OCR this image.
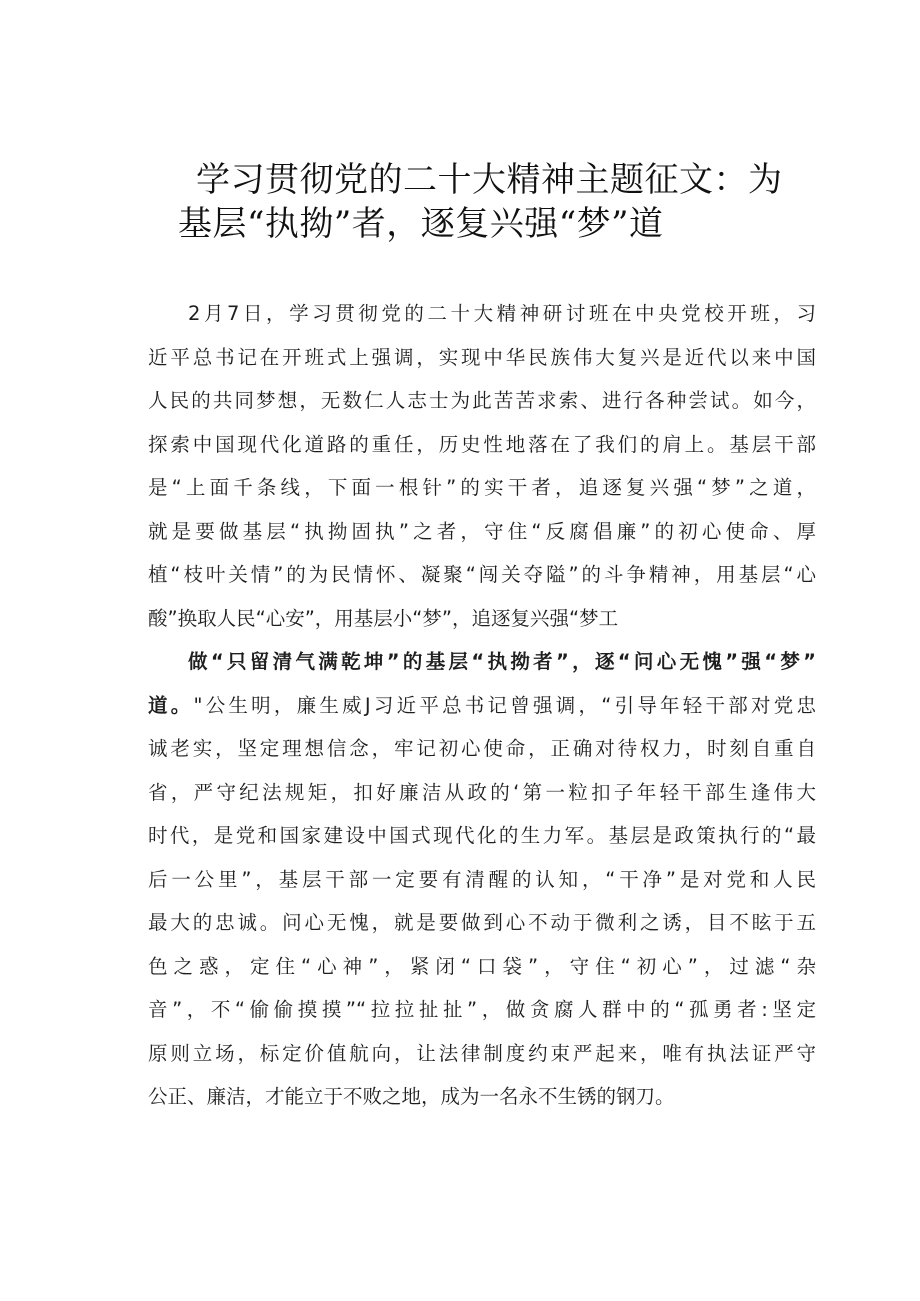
学习贯彻党的二十大精神主题征文：为
基层“执拗”者，逐复兴强“梦”道
2月7日，学习贯彻党的二十大精神研讨班在中央党校开班，习
近平总书记在开班式上强调，实现中华民族伟大复兴是近代以来中国
人民的共同梦想，无数仁人志士为此苦苦求索、进行各种尝试。如今，
探索中国现代化道路的重任，历史性地落在了我们的肩上。基层干部
是“上面千条线，下面一根针”的实干者，追逐复兴强“梦”之道，
就是要做基层“执拗固执”之者，守住“反腐倡廉”的初心使命、厚
植“枝叶关情”的为民情怀、凝聚“闯关夺隘”的斗争精神，用基层“心
酸”换取人民“心安”，用基层小“梦”，追逐复兴强“梦工
做“只留清气满乾坤”的基层“执拗者”，逐“问心无愧”强“梦”
道。"公生明，廉生威J习近平总书记曾强调，“引导年轻干部对党忠
诚老实，坚定理想信念，牢记初心使命，正确对待权力，时刻自重自
省，严守纪法规矩，扣好廉洁从政的‘第一粒扣子年轻干部生逢伟大
时代，是党和国家建设中国式现代化的生力军。基层是政策执行的“最
后一公里”，基层干部一定要有清醒的认知，“干净”是对党和人民
最大的忠诚。问心无愧，就是要做到心不动于微利之诱，目不眩于五
色之惑，定住“心神”，紧闭“口袋”，守住“初心”，过滤“杂
音”，不“偷偷摸摸”“拉拉扯扯”，做贪腐人群中的“孤勇者:坚定
原则立场，标定价值航向，让法律制度约束严起来，唯有执法证严守
公正、廉洁，才能立于不败之地，成为一名永不生锈的钢刀。
